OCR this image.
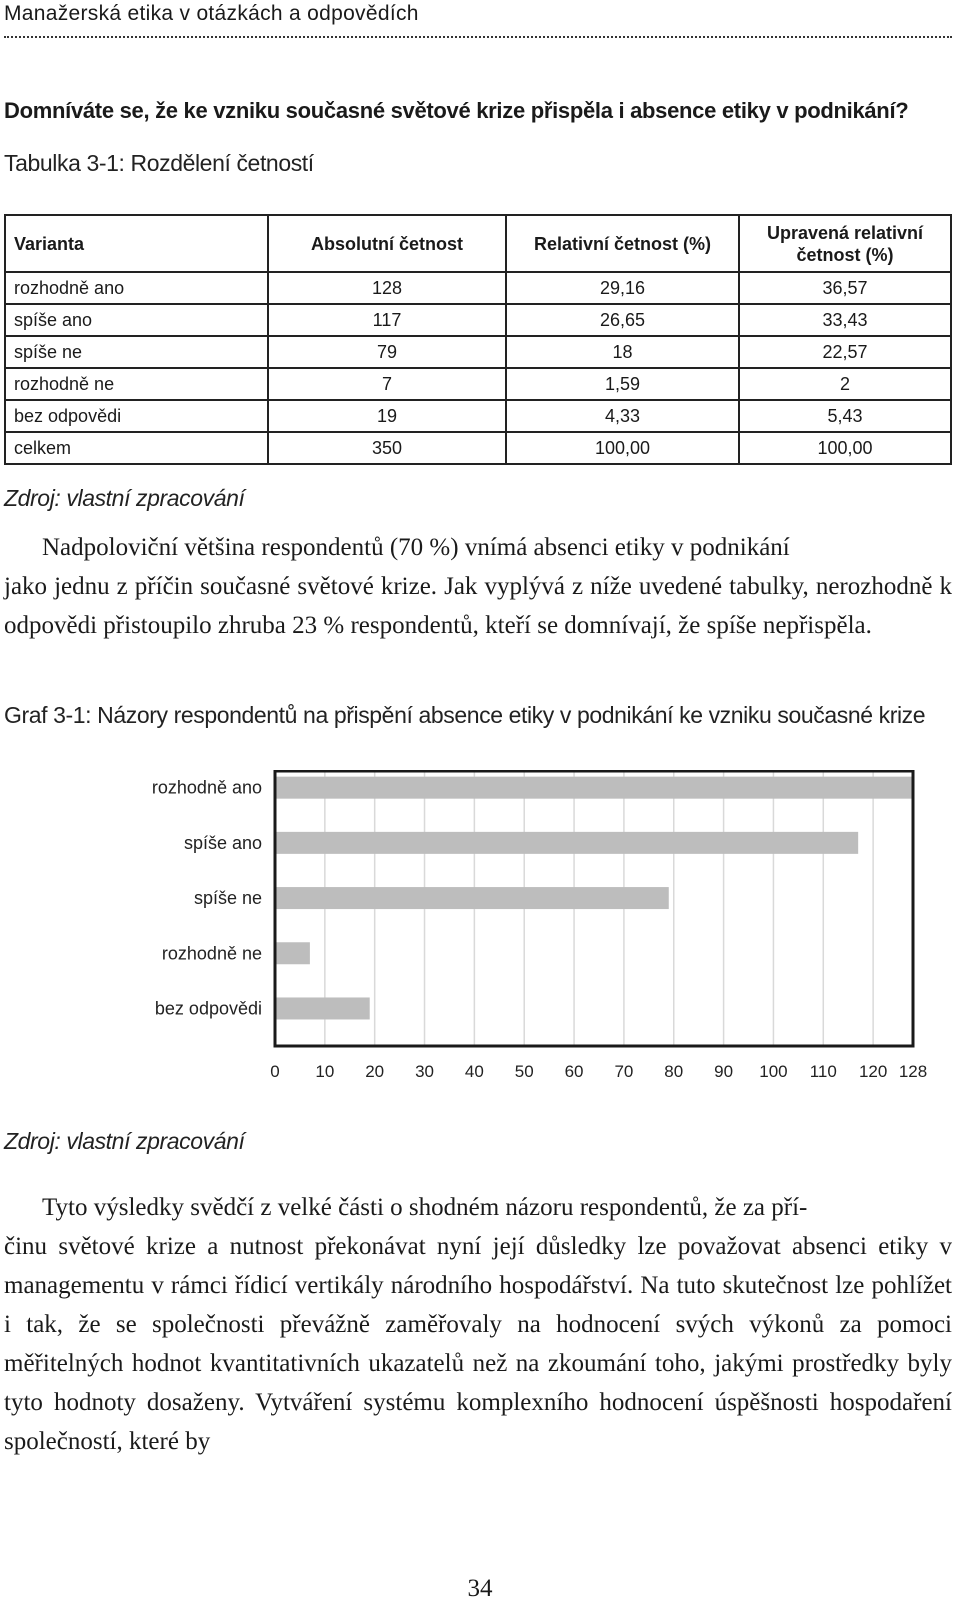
Manažerská etika v otázkách a odpovědích
Domníváte se, že ke vzniku současné světové krize přispěla i absence etiky v podnikání?
Tabulka 3-1: Rozdělení četností
Varianta	Absolutní četnost	Relativní četnost (%)	Upravená relativní četnost (%)
rozhodně ano	128	29,16	36,57
spíše ano	117	26,65	33,43
spíše ne	79	18	22,57
rozhodně ne	7	1,59	2
bez odpovědi	19	4,33	5,43
celkem	350	100,00	100,00
Zdroj: vlastní zpracování
Nadpoloviční většina respondentů (70 %) vnímá absenci etiky v podnikání
jako jednu z příčin současné světové krize. Jak vyplývá z níže uvedené tabulky, nerozhodně k odpovědi přistoupilo zhruba 23 % respondentů, kteří se domnívají, že spíše nepřispěla.
Graf 3-1: Názory respondentů na přispění absence etiky v podnikání ke vzniku současné krize
rozhodně ano
spíše ano
spíše ne
rozhodně ne
bez odpovědi
0 10 20 30 40 50 60 70 80 90 100 110 120 128
Zdroj: vlastní zpracování
Tyto výsledky svědčí z velké části o shodném názoru respondentů, že za pří-
činu světové krize a nutnost překonávat nyní její důsledky lze považovat absenci etiky v managementu v rámci řídicí vertikály národního hospodářství. Na tuto skutečnost lze pohlížet i tak, že se společnosti převážně zaměřovaly na hodnocení svých výkonů za pomoci měřitelných hodnot kvantitativních ukazatelů než na zkoumání toho, jakými prostředky byly tyto hodnoty dosaženy. Vytváření systému komplexního hodnocení úspěšnosti hospodaření společností, které by
34
